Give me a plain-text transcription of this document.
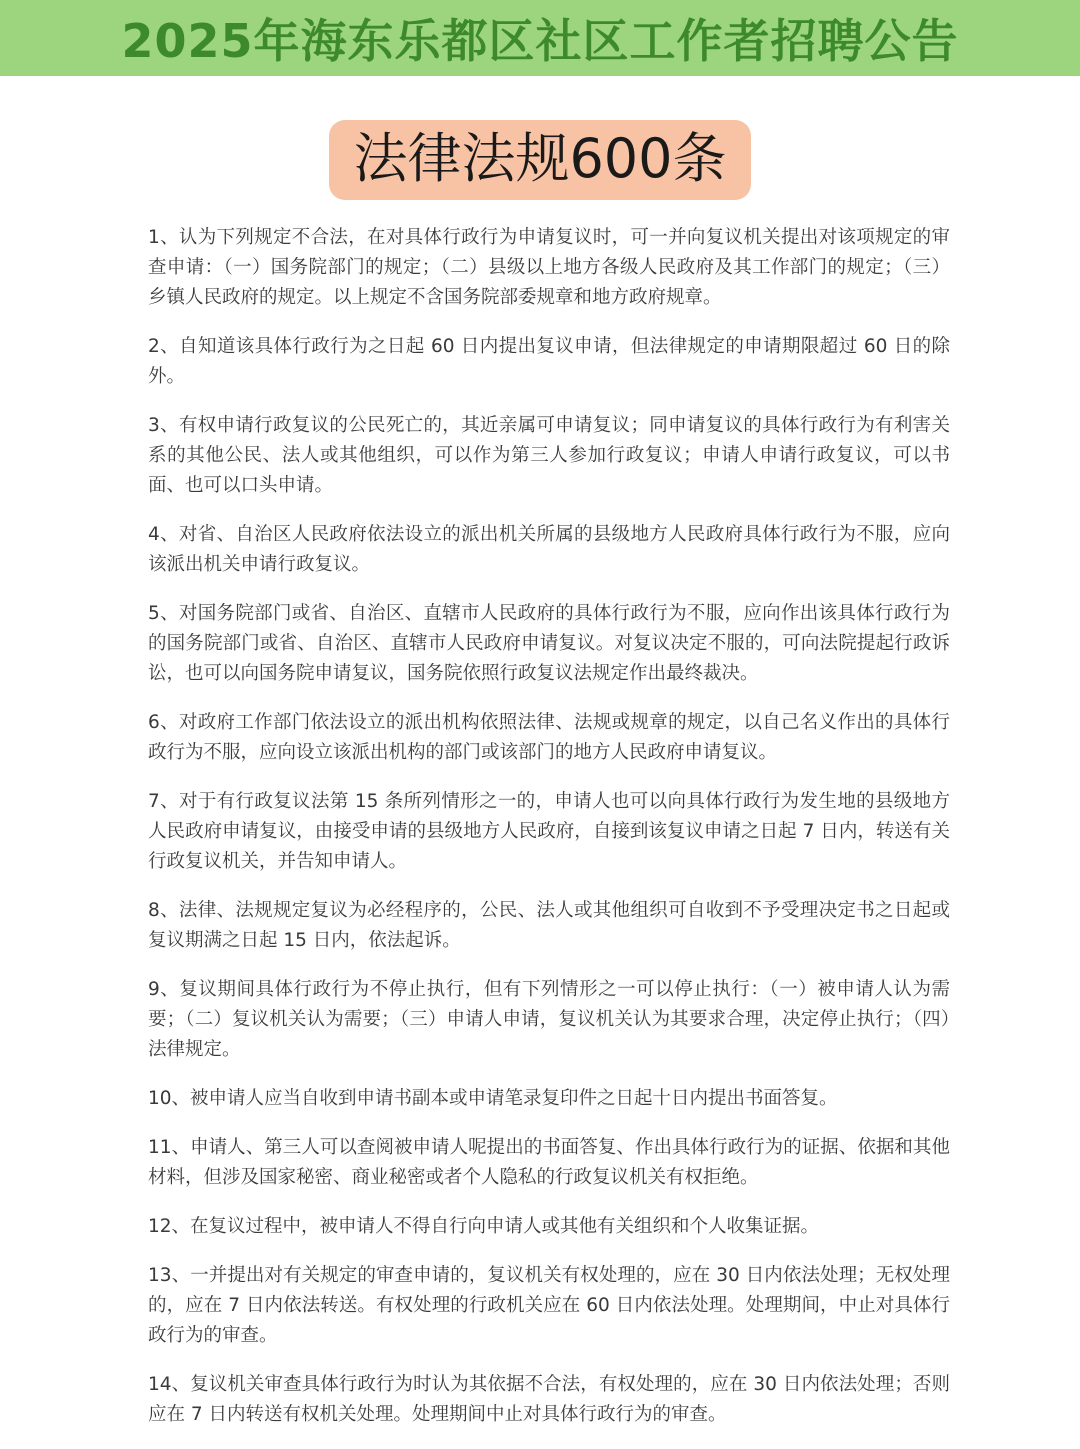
2025年海东乐都区社区工作者招聘公告
法律法规600条

1、认为下列规定不合法，在对具体行政行为申请复议时，可一并向复议机关提出对该项规定的审查申请：（一）国务院部门的规定；（二）县级以上地方各级人民政府及其工作部门的规定；（三）乡镇人民政府的规定。以上规定不含国务院部委规章和地方政府规章。

2、自知道该具体行政行为之日起 60 日内提出复议申请，但法律规定的申请期限超过 60 日的除外。

3、有权申请行政复议的公民死亡的，其近亲属可申请复议；同申请复议的具体行政行为有利害关系的其他公民、法人或其他组织，可以作为第三人参加行政复议；申请人申请行政复议，可以书面、也可以口头申请。

4、对省、自治区人民政府依法设立的派出机关所属的县级地方人民政府具体行政行为不服，应向该派出机关申请行政复议。

5、对国务院部门或省、自治区、直辖市人民政府的具体行政行为不服，应向作出该具体行政行为的国务院部门或省、自治区、直辖市人民政府申请复议。对复议决定不服的，可向法院提起行政诉讼，也可以向国务院申请复议，国务院依照行政复议法规定作出最终裁决。

6、对政府工作部门依法设立的派出机构依照法律、法规或规章的规定，以自己名义作出的具体行政行为不服，应向设立该派出机构的部门或该部门的地方人民政府申请复议。

7、对于有行政复议法第 15 条所列情形之一的，申请人也可以向具体行政行为发生地的县级地方人民政府申请复议，由接受申请的县级地方人民政府，自接到该复议申请之日起 7 日内，转送有关行政复议机关，并告知申请人。

8、法律、法规规定复议为必经程序的，公民、法人或其他组织可自收到不予受理决定书之日起或复议期满之日起 15 日内，依法起诉。

9、复议期间具体行政行为不停止执行，但有下列情形之一可以停止执行：（一）被申请人认为需要；（二）复议机关认为需要；（三）申请人申请，复议机关认为其要求合理，决定停止执行；（四）法律规定。

10、被申请人应当自收到申请书副本或申请笔录复印件之日起十日内提出书面答复。

11、申请人、第三人可以查阅被申请人呢提出的书面答复、作出具体行政行为的证据、依据和其他材料，但涉及国家秘密、商业秘密或者个人隐私的行政复议机关有权拒绝。

12、在复议过程中，被申请人不得自行向申请人或其他有关组织和个人收集证据。

13、一并提出对有关规定的审查申请的，复议机关有权处理的，应在 30 日内依法处理；无权处理的，应在 7 日内依法转送。有权处理的行政机关应在 60 日内依法处理。处理期间，中止对具体行政行为的审查。

14、复议机关审查具体行政行为时认为其依据不合法，有权处理的，应在 30 日内依法处理；否则应在 7 日内转送有权机关处理。处理期间中止对具体行政行为的审查。
